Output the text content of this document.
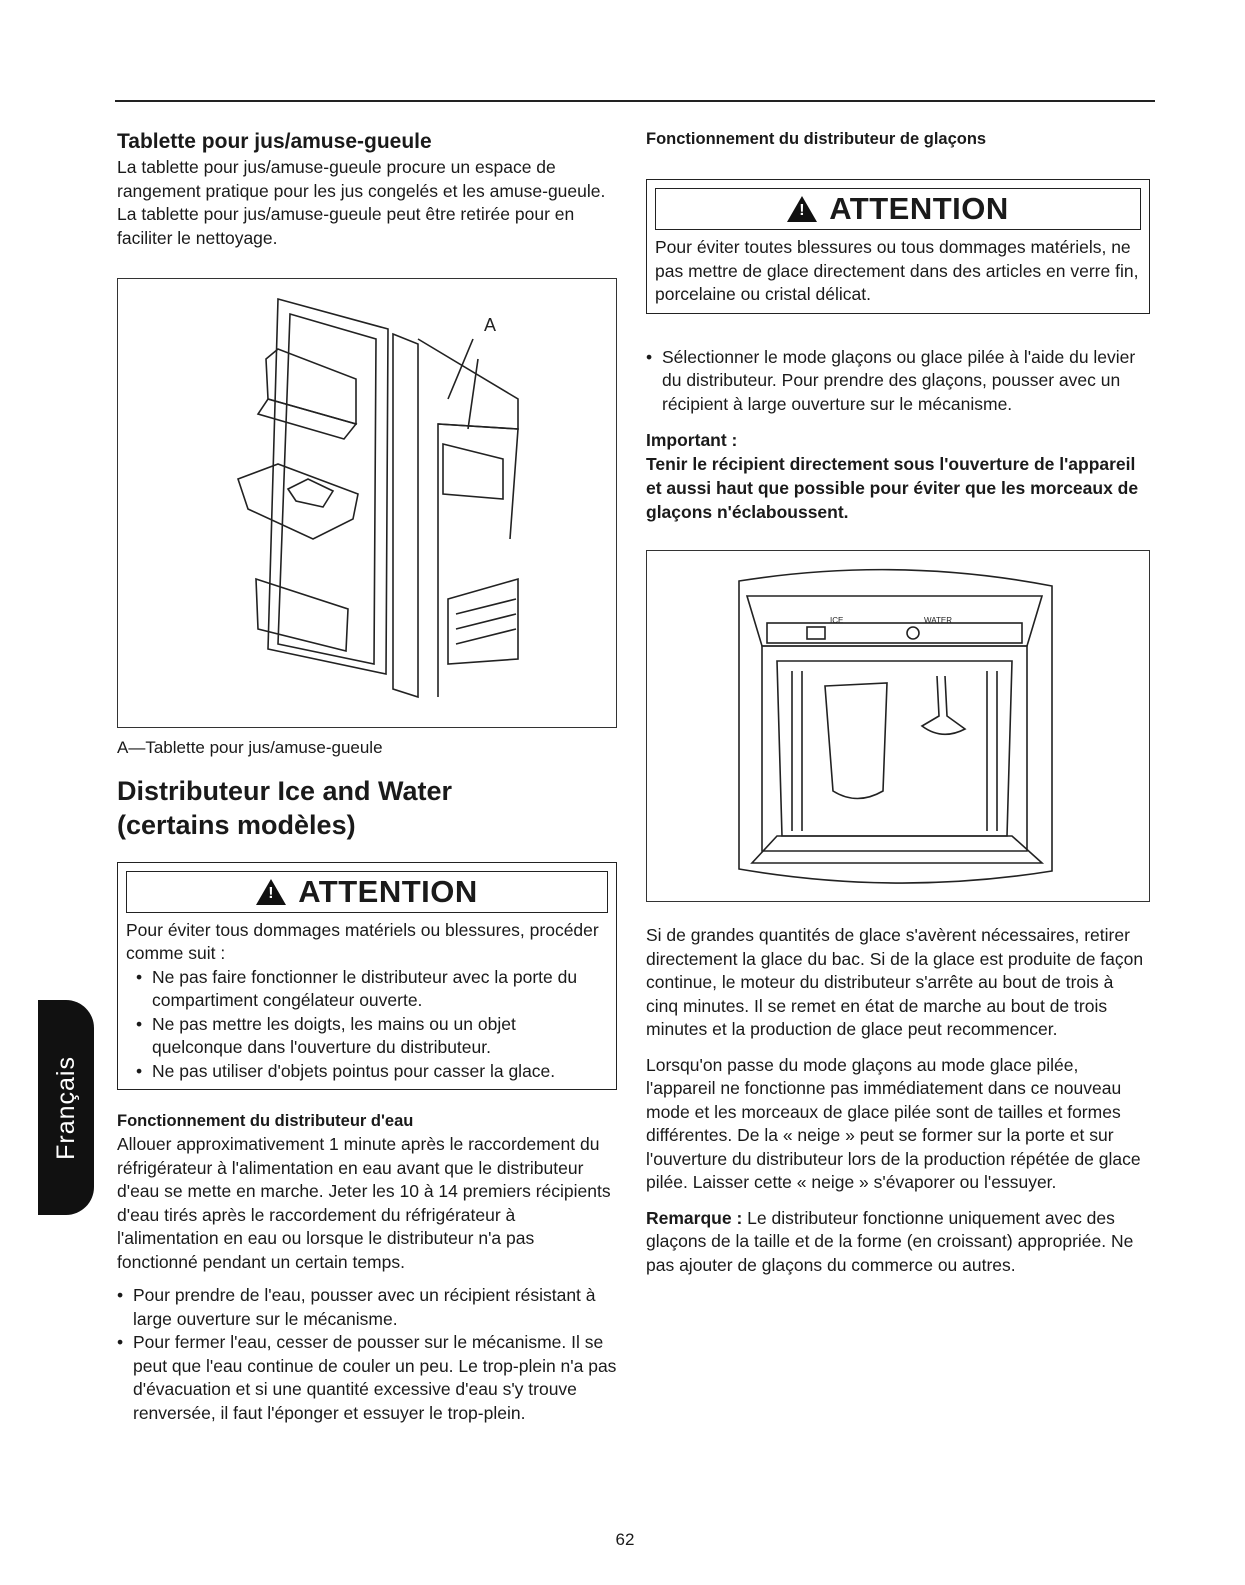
Français
Tablette pour jus/amuse-gueule

La tablette pour jus/amuse-gueule procure un espace de rangement pratique pour les jus congelés et les amuse-gueule. La tablette pour jus/amuse-gueule peut être retirée pour en faciliter le nettoyage.

A

A—Tablette pour jus/amuse-gueule

Distributeur Ice and Water
(certains modèles)
!
ATTENTION

Pour éviter tous dommages matériels ou blessures, procéder comme suit :

• Ne pas faire fonctionner le distributeur avec la porte du compartiment congélateur ouverte.
• Ne pas mettre les doigts, les mains ou un objet quelconque dans l'ouverture du distributeur.
• Ne pas utiliser d'objets pointus pour casser la glace.
Fonctionnement du distributeur d'eau

Allouer approximativement 1 minute après le raccordement du réfrigérateur à l'alimentation en eau avant que le distributeur d'eau se mette en marche. Jeter les 10 à 14 premiers récipients d'eau tirés après le raccordement du réfrigérateur à l'alimentation en eau ou lorsque le distributeur n'a pas fonctionné pendant un certain temps.

• Pour prendre de l'eau, pousser avec un récipient résistant à large ouverture sur le mécanisme.
• Pour fermer l'eau, cesser de pousser sur le mécanisme. Il se peut que l'eau continue de couler un peu. Le trop-plein n'a pas d'évacuation et si une quantité excessive d'eau s'y trouve renversée, il faut l'éponger et essuyer le trop-plein.
Fonctionnement du distributeur de glaçons
!
ATTENTION

Pour éviter toutes blessures ou tous dommages matériels, ne pas mettre de glace directement dans des articles en verre fin, porcelaine ou cristal délicat.

• Sélectionner le mode glaçons ou glace pilée à l'aide du levier du distributeur. Pour prendre des glaçons, pousser avec un récipient à large ouverture sur le mécanisme.
Important :
Tenir le récipient directement sous l'ouverture de l'appareil et aussi haut que possible pour éviter que les morceaux de glaçons n'éclaboussent.
ICE	WATER

Si de grandes quantités de glace s'avèrent nécessaires, retirer directement la glace du bac. Si de la glace est produite de façon continue, le moteur du distributeur s'arrête au bout de trois à cinq minutes. Il se remet en état de marche au bout de trois minutes et la production de glace peut recommencer.

Lorsqu'on passe du mode glaçons au mode glace pilée, l'appareil ne fonctionne pas immédiatement dans ce nouveau mode et les morceaux de glace pilée sont de tailles et formes différentes. De la « neige » peut se former sur la porte et sur l'ouverture du distributeur lors de la production répétée de glace pilée. Laisser cette « neige » s'évaporer ou l'essuyer.

Remarque : Le distributeur fonctionne uniquement avec des glaçons de la taille et de la forme (en croissant) appropriée. Ne pas ajouter de glaçons du commerce ou autres.

62
